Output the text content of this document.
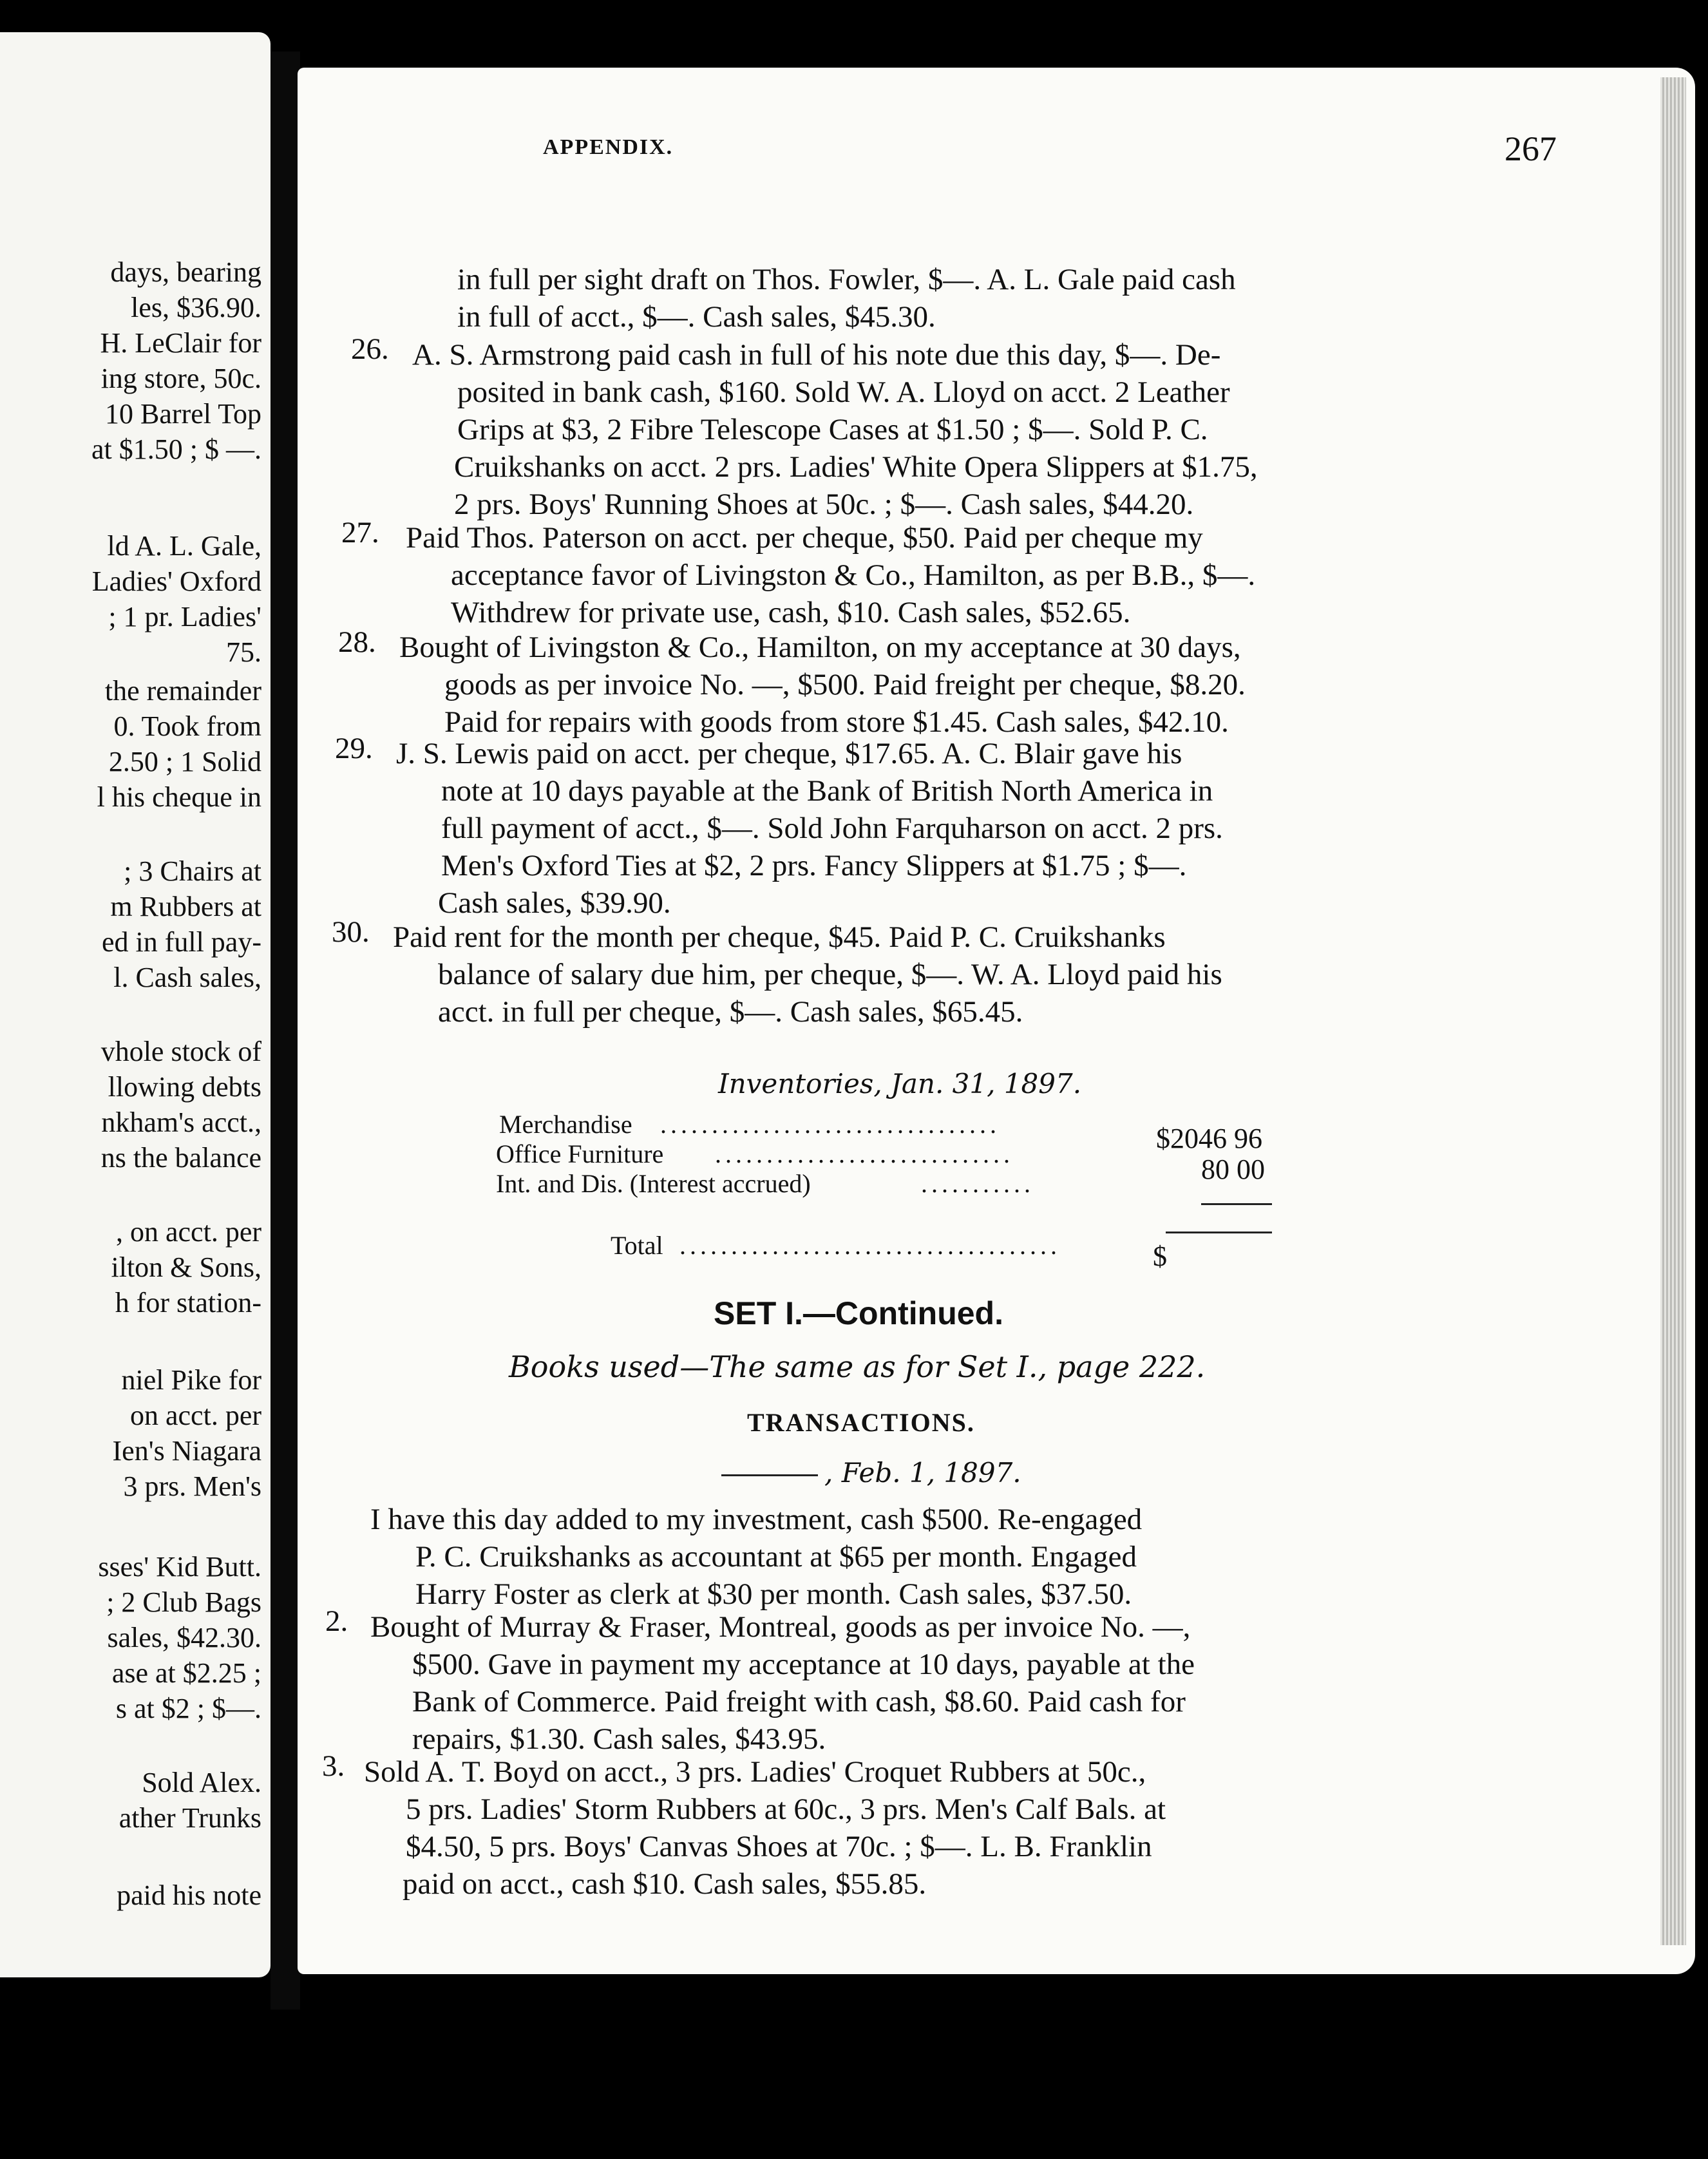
days, bearing
les, $36.90.
H. LeClair for
ing store, 50c.
10 Barrel Top
at $1.50 ; $ —.
ld A. L. Gale,
Ladies' Oxford
; 1 pr. Ladies'
75.
the remainder
0. Took from
2.50 ; 1 Solid
l his cheque in
; 3 Chairs at
m Rubbers at
ed in full pay-
l. Cash sales,
vhole stock of
llowing debts
nkham's acct.,
ns the balance
, on acct. per
ilton & Sons,
h for station-
niel Pike for
on acct. per
Ien's Niagara
3 prs. Men's
sses' Kid Butt.
; 2 Club Bags
sales, $42.30.
ase at $2.25 ;
s at $2 ; $—.
Sold Alex.
ather Trunks
paid his note
APPENDIX.	267
in full per sight draft on Thos. Fowler, $—. A. L. Gale paid cash
in full of acct., $—. Cash sales, $45.30.
26. A. S. Armstrong paid cash in full of his note due this day, $—. De-
posited in bank cash, $160. Sold W. A. Lloyd on acct. 2 Leather
Grips at $3, 2 Fibre Telescope Cases at $1.50 ; $—. Sold P. C.
Cruikshanks on acct. 2 prs. Ladies' White Opera Slippers at $1.75,
2 prs. Boys' Running Shoes at 50c. ; $—. Cash sales, $44.20.
27. Paid Thos. Paterson on acct. per cheque, $50. Paid per cheque my
acceptance favor of Livingston & Co., Hamilton, as per B.B., $—.
Withdrew for private use, cash, $10. Cash sales, $52.65.
28. Bought of Livingston & Co., Hamilton, on my acceptance at 30 days,
goods as per invoice No. —, $500. Paid freight per cheque, $8.20.
Paid for repairs with goods from store $1.45. Cash sales, $42.10.
29. J. S. Lewis paid on acct. per cheque, $17.65. A. C. Blair gave his
note at 10 days payable at the Bank of British North America in
full payment of acct., $—. Sold John Farquharson on acct. 2 prs.
Men's Oxford Ties at $2, 2 prs. Fancy Slippers at $1.75 ; $—.
Cash sales, $39.90.
30. Paid rent for the month per cheque, $45. Paid P. C. Cruikshanks
balance of salary due him, per cheque, $—. W. A. Lloyd paid his
acct. in full per cheque, $—. Cash sales, $65.45.
Inventories, Jan. 31, 1897.
Merchandise .................................	$2046 96
Office Furniture .............................	80 00
Int. and Dis. (Interest accrued)	...........
Total .....................................	$
SET I.—Continued.
Books used—The same as for Set I., page 222.
TRANSACTIONS.
, Feb. 1, 1897.
I have this day added to my investment, cash $500. Re-engaged
P. C. Cruikshanks as accountant at $65 per month. Engaged
Harry Foster as clerk at $30 per month. Cash sales, $37.50.
2. Bought of Murray & Fraser, Montreal, goods as per invoice No. —,
$500. Gave in payment my acceptance at 10 days, payable at the
Bank of Commerce. Paid freight with cash, $8.60. Paid cash for
repairs, $1.30. Cash sales, $43.95.
3. Sold A. T. Boyd on acct., 3 prs. Ladies' Croquet Rubbers at 50c.,
5 prs. Ladies' Storm Rubbers at 60c., 3 prs. Men's Calf Bals. at
$4.50, 5 prs. Boys' Canvas Shoes at 70c. ; $—. L. B. Franklin
paid on acct., cash $10. Cash sales, $55.85.
